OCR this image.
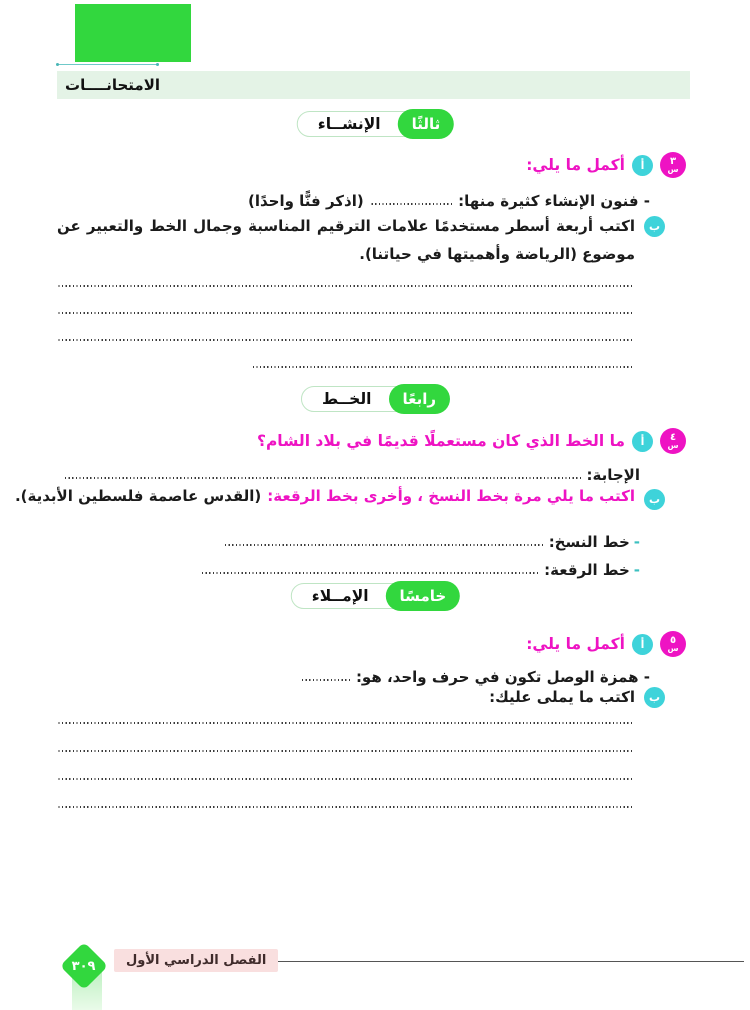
الامتحانــــات
ثالثًا
الإنشــاء
٣
س
أ
أكمل ما يلي:
- فنون الإنشاء كثيرة منها:
(اذكر فنًّا واحدًا)
ب
اكتب أربعة أسطر مستخدمًا علامات الترقيم المناسبة وجمال الخط والتعبير عن موضوع (الرياضة وأهميتها في حياتنا).
رابعًا
الخــط
٤
س
أ
ما الخط الذي كان مستعملًا قديمًا في بلاد الشام؟
الإجابة:
ب
اكتب ما يلي مرة بخط النسخ ، وأخرى بخط الرقعة:
(القدس عاصمة فلسطين الأبدية).
-
خط النسخ:
-
خط الرقعة:
خامسًا
الإمــلاء
٥
س
أ
أكمل ما يلي:
- همزة الوصل تكون في حرف واحد، هو:
ب
اكتب ما يملى عليك:
الفصل الدراسي الأول
٣٠٩
